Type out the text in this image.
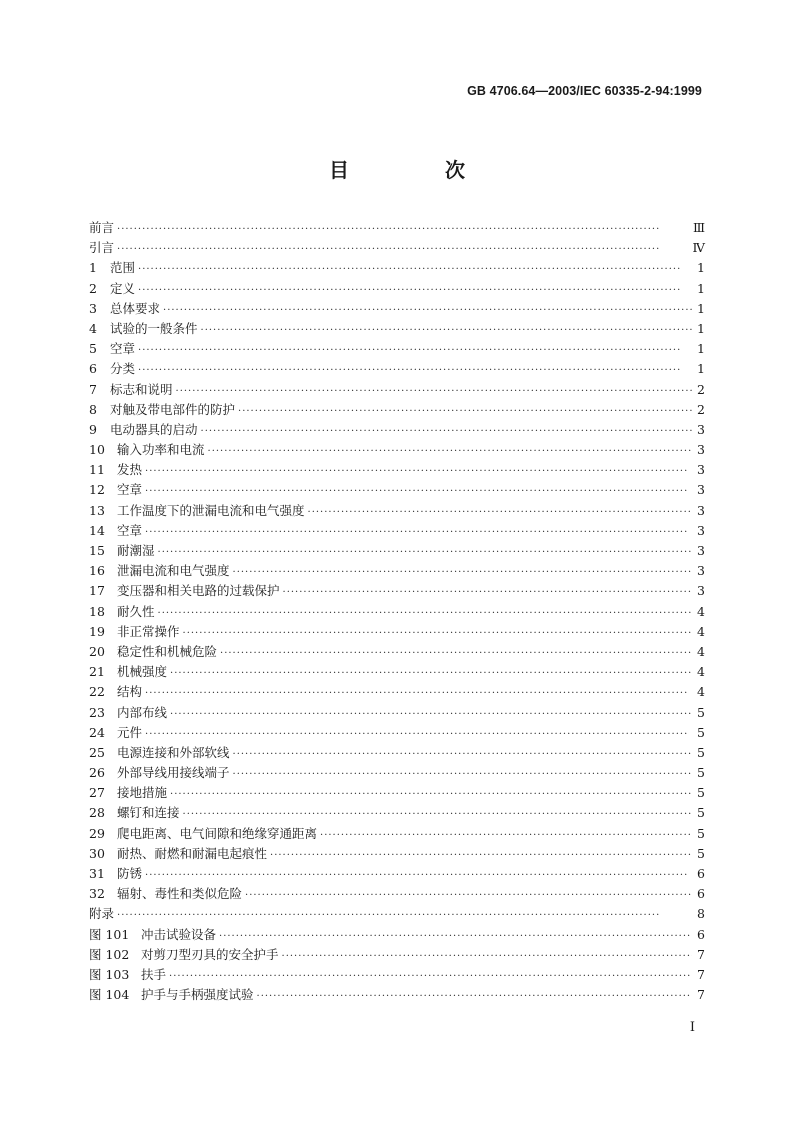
GB 4706.64—2003/IEC 60335-2-94:1999
目　次
前言 ·····	Ⅲ
引言 ·····	Ⅳ
1	范围 ·····	1
2	定义 ·····	1
3	总体要求 ·····	1
4	试验的一般条件 ·····	1
5	空章 ·····	1
6	分类 ·····	1
7	标志和说明 ·····	2
8	对触及带电部件的防护 ·····	2
9	电动器具的启动 ·····	3
10 输入功率和电流 ·····	3
11 发热 ·····	3
12 空章 ·····	3
13 工作温度下的泄漏电流和电气强度 ·····	3
14 空章 ·····	3
15 耐潮湿 ·····	3
16 泄漏电流和电气强度 ·····	3
17 变压器和相关电路的过载保护 ·····	3
18 耐久性 ·····	4
19 非正常操作 ·····	4
20 稳定性和机械危险 ·····	4
21 机械强度 ·····	4
22 结构 ·····	4
23 内部布线 ·····	5
24 元件 ·····	5
25 电源连接和外部软线 ·····	5
26 外部导线用接线端子 ·····	5
27 接地措施 ·····	5
28 螺钉和连接 ·····	5
29 爬电距离、电气间隙和绝缘穿通距离 ·····	5
30 耐热、耐燃和耐漏电起痕性 ·····	5
31 防锈 ·····	6
32 辐射、毒性和类似危险 ·····	6
附录 ·····	8
图 101 冲击试验设备 ·····	6
图 102 对剪刀型刃具的安全护手 ·····	7
图 103 扶手 ·····	7
图 104 护手与手柄强度试验 ·····	7
I
